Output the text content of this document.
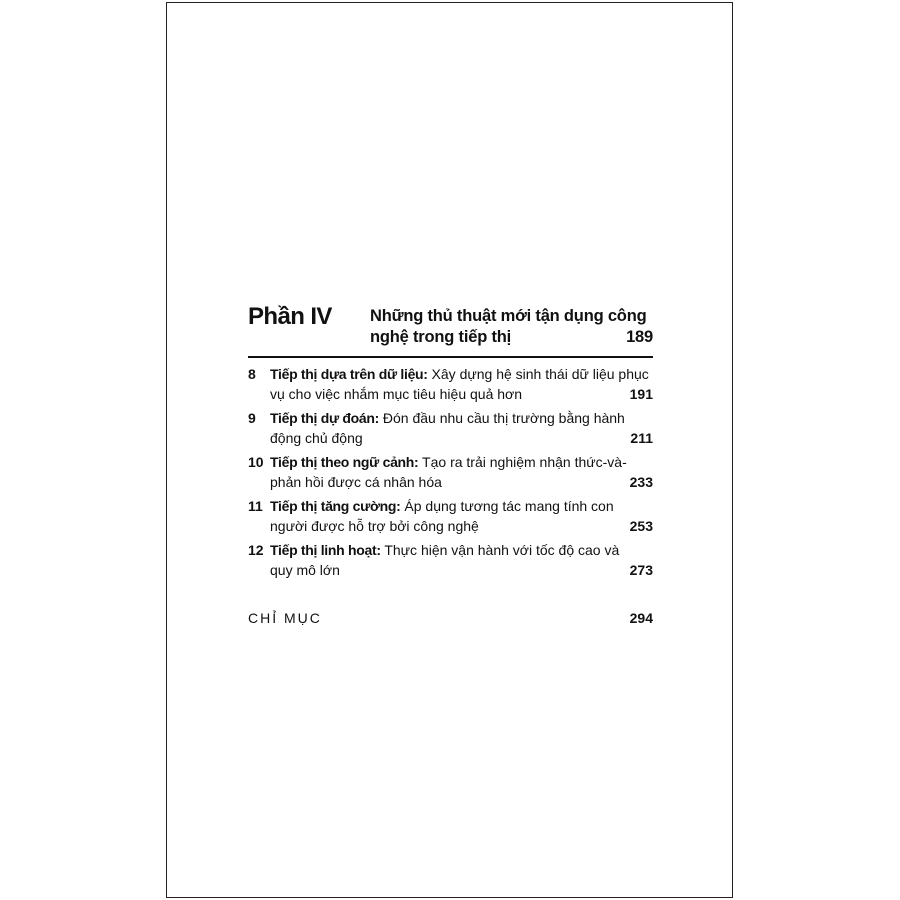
Phần IV Những thủ thuật mới tận dụng công
nghệ trong tiếp thị	189
8 Tiếp thị dựa trên dữ liệu: Xây dựng hệ sinh thái dữ liệu phục
vụ cho việc nhắm mục tiêu hiệu quả hơn	191
9 Tiếp thị dự đoán: Đón đầu nhu cầu thị trường bằng hành
động chủ động	211
10 Tiếp thị theo ngữ cảnh: Tạo ra trải nghiệm nhận thức-và-
phản hồi được cá nhân hóa	233
11 Tiếp thị tăng cường: Áp dụng tương tác mang tính con
người được hỗ trợ bởi công nghệ	253
12 Tiếp thị linh hoạt: Thực hiện vận hành với tốc độ cao và
quy mô lớn	273
CHỈ MỤC	294
